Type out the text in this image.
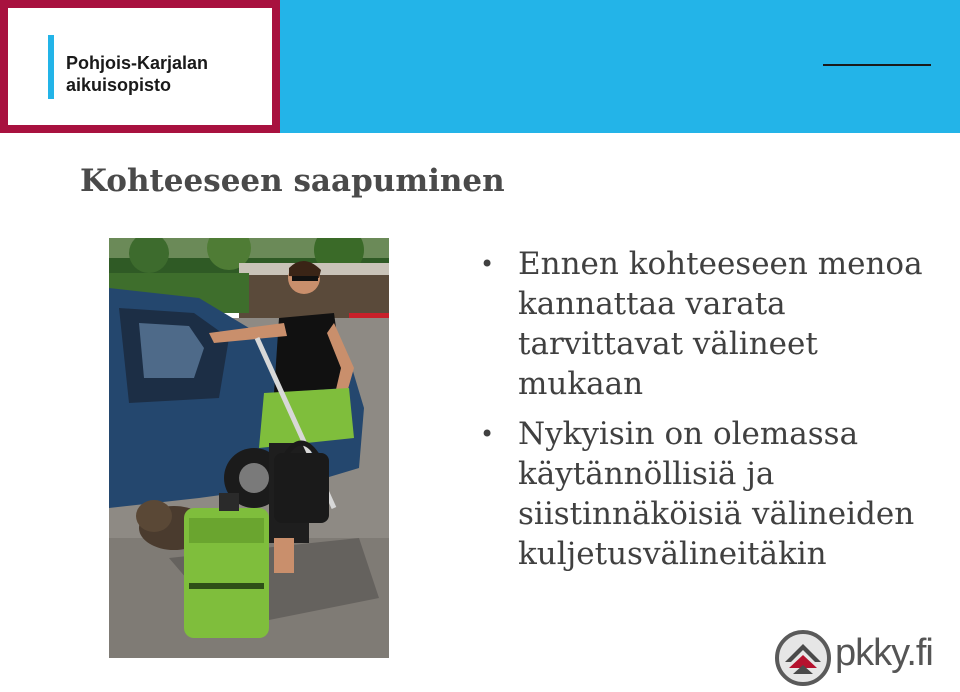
Pohjois-Karjalan
aikuisopisto
Kohteeseen saapuminen
• Ennen kohteeseen menoa kannattaa varata tarvittavat välineet mukaan
• Nykyisin on olemassa käytännöllisiä ja siistinnäköisiä välineiden kuljetusvälineitäkin
pkky.fi
